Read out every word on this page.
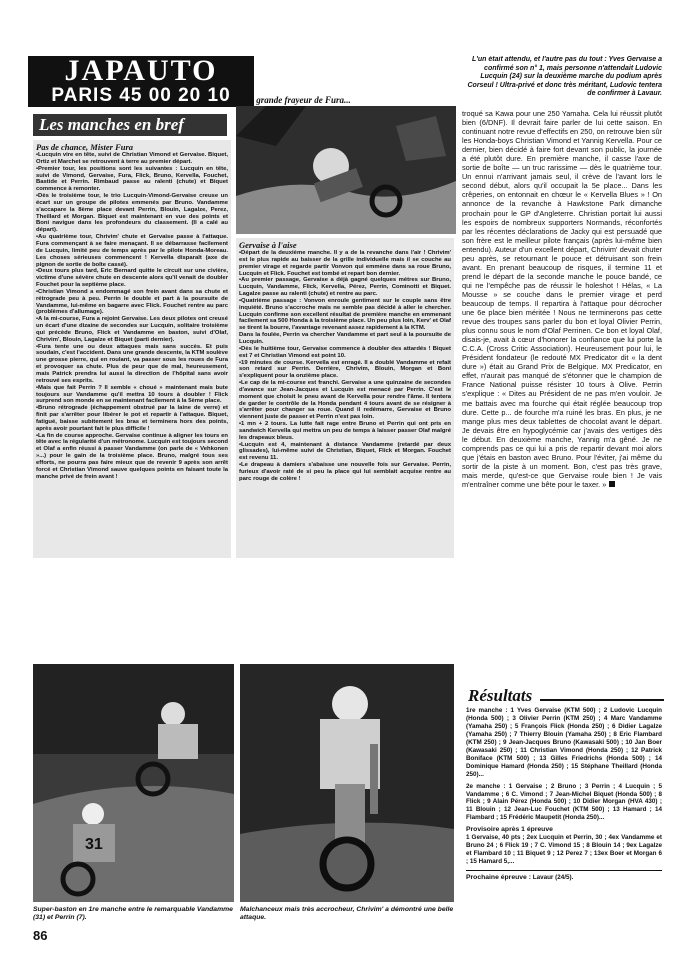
JAPAUTO
PARIS 45 00 20 10	La grande frayeur de Fura...
Les manches en bref
Pas de chance, Mister Fura

•Lucquin vire en tête, suivi de Christian Vimond et Gervaise. Biquet, Ortiz et Marchet se retrouvent à terre au premier départ.

•Premier tour, les positions sont les suivantes : Lucquin en tête, suivi de Vimond, Gervaise, Fura, Flick, Bruno, Kervella, Fouchet, Bastide et Perrin. Rimbaud passe au ralenti (chute) et Biquet commence à remonter.

•Dès le troisième tour, le trio Lucquin-Vimond-Gervaise creuse un écart sur un groupe de pilotes emmenés par Bruno. Vandamme s'accapare la 8ème place devant Perrin, Blouin, Lagalze, Perez, Theillard et Morgan. Biquet est maintenant en vue des points et Boni navigue dans les profondeurs du classement. (Il a calé au départ).

•Au quatrième tour, Chrivim' chute et Gervaise passe à l'attaque. Fura commençant à se faire menaçant. Il se débarrasse facilement de Lucquin, limité peu de temps après par le pilote Honda-Moreau. Les choses sérieuses commencent ! Kervella disparaît (axe de pignon de sortie de boîte cassé).

•Deux tours plus tard, Eric Bernard quitte le circuit sur une civière, victime d'une sévère chute en descente alors qu'il venait de doubler Fouchet pour la septième place.

•Christian Vimond a endommagé son frein avant dans sa chute et rétrograde peu à peu. Perrin le double et part à la poursuite de Vandamme, lui-même en bagarre avec Flick. Fouchet rentre au parc (problèmes d'allumage).

•A la mi-course, Fura a rejoint Gervaise. Les deux pilotes ont creusé un écart d'une dizaine de secondes sur Lucquin, solitaire troisième qui précède Bruno, Flick et Vandamme en baston, suivi d'Olaf, Chrivim', Blouin, Lagalze et Biquet (parti dernier).

•Fura tente une ou deux attaques mais sans succès. Et puis soudain, c'est l'accident. Dans une grande descente, la KTM soulève une grosse pierre, qui en roulant, va passer sous les roues de Fura et provoquer sa chute. Plus de peur que de mal, heureusement, mais Patrick prendra lui aussi la direction de l'hôpital sans avoir retrouvé ses esprits.

•Mais que fait Perrin ? Il semble « choué » maintenant mais bute toujours sur Vandamme qu'il mettra 10 tours à doubler ! Flick surprend son monde en se maintenant facilement à la 5ème place.

•Bruno rétrograde (échappement obstrué par la laine de verre) et finit par s'arrêter pour libérer le pot et repartir à l'attaque. Biquet, fatigué, baisse subitement les bras et terminera hors des points, après avoir pourtant fait le plus difficile !

•La fin de course approche. Gervaise continue à aligner les tours en tête avec la régularité d'un métronome. Lucquin est toujours second et Olaf a enfin réussi à passer Vandamme (on parle de « Vehkonen »...) pour le gain de la troisième place. Bruno, malgré tous ses efforts, ne pourra pas faire mieux que de revenir 9 après son arrêt forcé et Christian Vimond sauve quelques points en faisant toute la manche privé de frein avant !

Gervaise à l'aise

•Départ de la deuxième manche. Il y a de la revanche dans l'air ! Chrivim' est le plus rapide au baisser de la grille individuelle mais il se couche au premier virage et regarde partir Vonvon qui emmène dans sa roue Bruno, Lucquin et Flick. Fouchet est tombé et repart bon dernier.

•Au premier passage, Gervaise a déjà gagné quelques mètres sur Bruno, Lucquin, Vandamme, Flick, Kervella, Pérez, Perrin, Cominotti et Biquet. Lagalze passe au ralenti (chute) et rentre au parc.

•Quatrième passage : Vonvon enroule gentiment sur le couple sans être inquiété. Bruno s'accroche mais ne semble pas décidé à aller le chercher. Lucquin confirme son excellent résultat de première manche en emmenant facilement sa 500 Honda à la troisième place. Un peu plus loin, Kerv' et Olaf se tirent la bourre, l'avantage revenant assez rapidement à la KTM.

Dans la foulée, Perrin va chercher Vandamme et part seul à la poursuite de Lucquin.

•Dès le huitième tour, Gervaise commence à doubler des attardés ! Biquet est 7 et Christian Vimond est point 10.

•19 minutes de course. Kervella est enragé. Il a doublé Vandamme et refait son retard sur Perrin. Derrière, Chrivim, Blouin, Morgan et Boni s'expliquent pour la onzième place.

•Le cap de la mi-course est franchi. Gervaise a une quinzaine de secondes d'avance sur Jean-Jacques et Lucquin est menacé par Perrin. C'est le moment que choisit le pneu avant de Kervella pour rendre l'âme. Il tentera de garder le contrôle de la Honda pendant 4 tours avant de se résigner à s'arrêter pour changer sa roue. Quand il redémarre, Gervaise et Bruno viennent juste de passer et Perrin n'est pas loin.

•1 mn + 2 tours. La lutte fait rage entre Bruno et Perrin qui ont pris en sandwich Kervella qui mettra un peu de temps à laisser passer Olaf malgré les drapeaux bleus.

•Lucquin est 4, maintenant à distance Vandamme (retardé par deux glissades), lui-même suivi de Christian, Biquet, Flick et Morgan. Fouchet est revenu 11.

•Le drapeau à damiers s'abaisse une nouvelle fois sur Gervaise. Perrin, furieux d'avoir raté de si peu la place qui lui semblait acquise rentre au parc rouge de colère !

L'un était attendu, et l'autre pas du tout : Yves Gervaise a confirmé son n° 1, mais personne n'attendait Ludovic Lucquin (24) sur la deuxième marche du podium après Corseul ! Ultra-privé et donc très méritant, Ludovic tentera de confirmer à Lavaur.
troqué sa Kawa pour une 250 Yamaha. Cela lui réussit plutôt bien (6/DNF). Il devrait faire parler de lui cette saison. En continuant notre revue d'effectifs en 250, on retrouve bien sûr les Honda-boys Christian Vimond et Yannig Kervella. Pour ce dernier, bien décidé à faire fort devant son public, la journée a été plutôt dure. En première manche, il casse l'axe de sortie de boîte — un truc rarissime — dès le quatrième tour. Un ennui n'arrivant jamais seul, il crève de l'avant lors le second début, alors qu'il occupait la 5e place... Dans les crêperies, on entonnait en chœur le « Kervella Blues » ! On annonce de la revanche à Hawkstone Park dimanche prochain pour le GP d'Angleterre. Christian portait lui aussi les espoirs de nombreux supporters Normands, réconfortés par les récentes déclarations de Jacky qui est persuadé que son frère est le meilleur pilote français (après lui-même bien entendu). Auteur d'un excellent départ, Chrivim' devait chuter peu après, se retournant le pouce et détruisant son frein avant. En prenant beaucoup de risques, il termine 11 et prend le départ de la seconde manche le pouce bandé, ce qui ne l'empêche pas de réussir le holeshot ! Hélas, « La Mousse » se couche dans le premier virage et perd beaucoup de temps. Il repartira à l'attaque pour décrocher une 6e place bien méritée ! Nous ne terminerons pas cette revue des troupes sans parler du bon et loyal Olivier Perrin, plus connu sous le nom d'Olaf Perrinen. Ce bon et loyal Olaf, disais-je, avait à cœur d'honorer la confiance que lui porte la C.C.A. (Cross Critic Association). Heureusement pour lui, le Président fondateur (le redouté MX Predicator dit « la dent dure ») était au Grand Prix de Belgique. MX Predicator, en effet, n'aurait pas manqué de s'étonner que le champion de France National puisse résister 10 tours à Olive. Perrin s'explique : « Dites au Président de ne pas m'en vouloir. Je me battais avec ma fourche qui était réglée beaucoup trop dure. Cette p... de fourche m'a ruiné les bras. En plus, je ne mange plus mes deux tablettes de chocolat avant le départ. Je devais être en hypoglycémie car j'avais des vertiges dès le début. En deuxième manche, Yannig m'a gêné. Je ne comprends pas ce qui lui a pris de repartir devant moi alors que j'étais en baston avec Bruno. Pour l'éviter, j'ai même du sortir de la piste à un moment. Bon, c'est pas très grave, mais merde, qu'est-ce que Gervaise roule bien ! Je vais m'entraîner comme une bête pour le taxer. »
Résultats

1re manche : 1 Yves Gervaise (KTM 500) ; 2 Ludovic Lucquin (Honda 500) ; 3 Olivier Perrin (KTM 250) ; 4 Marc Vandamme (Yamaha 250) ; 5 François Flick (Honda 250) ; 6 Didier Lagalze (Yamaha 250) ; 7 Thierry Blouin (Yamaha 250) ; 8 Eric Flambard (KTM 250) ; 9 Jean-Jacques Bruno (Kawasaki 500) ; 10 Jan Boer (Kawasaki 250) ; 11 Christian Vimond (Honda 250) ; 12 Patrick Boniface (KTM 500) ; 13 Gilles Friedrichs (Honda 500) ; 14 Dominique Hamard (Honda 250) ; 15 Stéphane Theillard (Honda 250)...

2e manche : 1 Gervaise ; 2 Bruno ; 3 Perrin ; 4 Lucquin ; 5 Vandamme ; 6 C. Vimond ; 7 Jean-Michel Biquet (Honda 500) ; 8 Flick ; 9 Alain Pérez (Honda 500) ; 10 Didier Morgan (HVA 430) ; 11 Blouin ; 12 Jean-Luc Fouchet (KTM 500) ; 13 Hamard ; 14 Flambard ; 15 Frédéric Maupetit (Honda 250)...

Provisoire après 1 épreuve

1 Gervaise, 40 pts ; 2ex Lucquin et Perrin, 30 ; 4ex Vandamme et Bruno 24 ; 6 Flick 19 ; 7 C. Vimond 15 ; 8 Blouin 14 ; 9ex Lagalze et Flambard 10 ; 11 Biquet 9 ; 12 Perez 7 ; 13ex Boer et Morgan 6 ; 15 Hamard 5,...

Prochaine épreuve : Lavaur (24/5).
31
Super-baston en 1re manche entre le remarquable Vandamme (31) et Perrin (7).
Malchanceux mais très accrocheur, Chrivim' a démontré une belle attaque.
86
